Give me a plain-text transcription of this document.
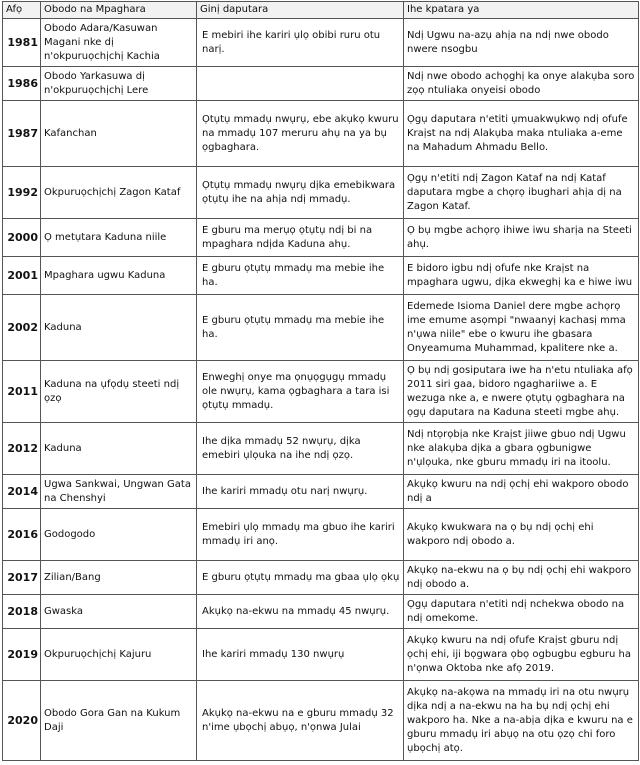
Afọ	Obodo na Mpaghara	Ginị daputara	Ihe kpatara ya
1981	Obodo Adara/Kasuwan Magani nke dị n'okpuruọchịchị Kachia	E mebiri ihe kariri ụlọ obibi ruru otu narị.	Ndị Ugwu na-azụ ahịa na ndị nwe obodo nwere nsogbu
1986	Obodo Yarkasuwa dị n'okpuruọchịchị Lere		Ndị nwe obodo achọghị ka onye alakụba soro zọọ ntuliaka onyeisi obodo
1987	Kafanchan	Ọtụtụ mmadụ nwụrụ, ebe akụkọ kwuru na mmadụ 107 meruru ahụ na ya bụ ọgbaghara.	Ọgụ daputara n'etiti ụmuakwụkwọ ndị ofufe Kraịst na ndị Alakụba maka ntuliaka a-eme na Mahadum Ahmadu Bello.
1992	Okpuruọchịchị Zagon Kataf	Ọtụtụ mmadụ nwụrụ dịka emebikwara ọtụtụ ihe na ahịa ndị mmadụ.	Ọgụ n'etiti ndị Zagon Kataf na ndị Kataf daputara mgbe a chọrọ ibughari ahịa dị na Zagon Kataf.
2000	Ọ metụtara Kaduna niile	E gburu ma merụọ ọtụtụ ndị bi na mpaghara ndịda Kaduna ahụ.	Ọ bụ mgbe achọrọ ihiwe iwu sharịa na Steeti ahụ.
2001	Mpaghara ugwu Kaduna	E gburu ọtụtụ mmadụ ma mebie ihe ha.	E bidoro igbu ndị ofufe nke Kraịst na mpaghara ugwu, dịka ekweghị ka e hiwe iwu
2002	Kaduna	E gburu ọtụtụ mmadụ ma mebie ihe ha.	Edemede Isioma Daniel dere mgbe achọrọ ime emume asọmpi "nwaanyị kachasị mma n'ụwa niile" ebe o kwuru ihe gbasara Onyeamuma Muhammad, kpalitere nke a.
2011	Kaduna na ụfọdụ steeti ndị ọzọ	Enweghị onye ma ọnụọgụgụ mmadụ ole nwụrụ, kama ọgbaghara a tara isi ọtụtụ mmadụ.	Ọ bụ ndị gosiputara iwe ha n'etu ntuliaka afọ 2011 siri gaa, bidoro ngaghariiwe a. E wezuga nke a, e nwere ọtụtụ ọgbaghara na ọgụ daputara na Kaduna steeti mgbe ahụ.
2012	Kaduna	Ihe dịka mmadụ 52 nwụrụ, dịka emebiri ụlọuka na ihe ndị ọzọ.	Ndị ntọrọbịa nke Kraịst jiiwe gbuo ndị Ugwu nke alakụba dịka a gbara ọgbunigwe n'ụlọuka, nke gburu mmadụ iri na itoolu.
2014	Ugwa Sankwai, Ungwan Gata na Chenshyi	Ihe kariri mmadụ otu narị nwụrụ.	Akụkọ kwuru na ndị ọchị ehi wakporo obodo ndị a
2016	Godogodo	Emebiri ụlọ mmadụ ma gbuo ihe kariri mmadụ iri anọ.	Akụkọ kwukwara na ọ bụ ndị ọchị ehi wakporo ndị obodo a.
2017	Zilian/Bang	E gburu ọtụtụ mmadụ ma gbaa ụlọ ọkụ	Akụkọ na-ekwu na ọ bụ ndị ọchị ehi wakporo ndị obodo a.
2018	Gwaska	Akụkọ na-ekwu na mmadụ 45 nwụrụ.	Ọgụ daputara n'etiti ndị nchekwa obodo na ndị omekome.
2019	Okpuruọchịchị Kajuru	Ihe kariri mmadụ 130 nwụrụ	Akụkọ kwuru na ndị ofufe Kraịst gburu ndị ọchị ehi, iji bọgwara ọbọ ogbugbu egburu ha n'ọnwa Oktoba nke afọ 2019.
2020	Obodo Gora Gan na Kukum Daji	Akụkọ na-ekwu na e gburu mmadụ 32 n'ime ụbọchị abụọ, n'ọnwa Julai	Akụkọ na-akọwa na mmadụ iri na otu nwụrụ dịka ndị a na-ekwu na ha bụ ndị ọchị ehi wakporo ha. Nke a na-abịa dịka e kwuru na e gburu mmadụ iri abụọ na otu ọzọ chi foro ụbọchị atọ.
